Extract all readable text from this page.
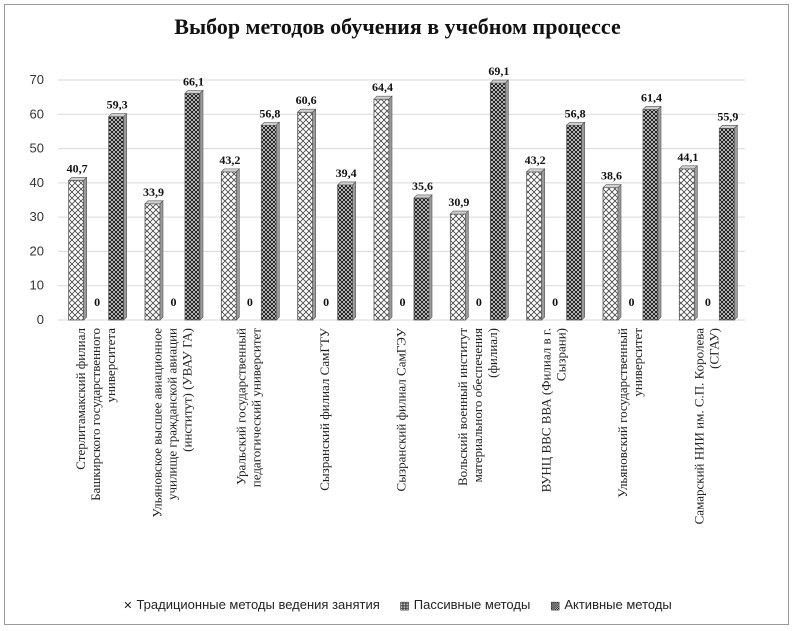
Выбор методов обучения в учебном процессе
0
10
20
30
40
50
60
70
40,7
0
59,3
33,9
0
66,1
43,2
0
56,8
60,6
0
39,4
64,4
0
35,6
30,9
0
69,1
43,2
0
56,8
38,6
0
61,4
44,1
0
55,9
Стерлитамакский филиалБашкирского государственногоуниверситета Ульяновское высшее авиационноеучилище гражданской авиации(институт) (УВАУ ГА)	Уральский государственныйпедагогический университет	Сызранский филиал СамГТУ	Сызранский филиал СамГЭУ	Вольский военный институтматериального обеспечения(филиал)	ВУНЦ ВВС ВВА (Филиал в г.Сызрани)	Ульяновский государственныйуниверситет	Самарский НИИ им. С.П. Королева(СГАУ)
✕ Традиционные методы ведения занятия ▦ Пассивные методы ▩ Активные методы
